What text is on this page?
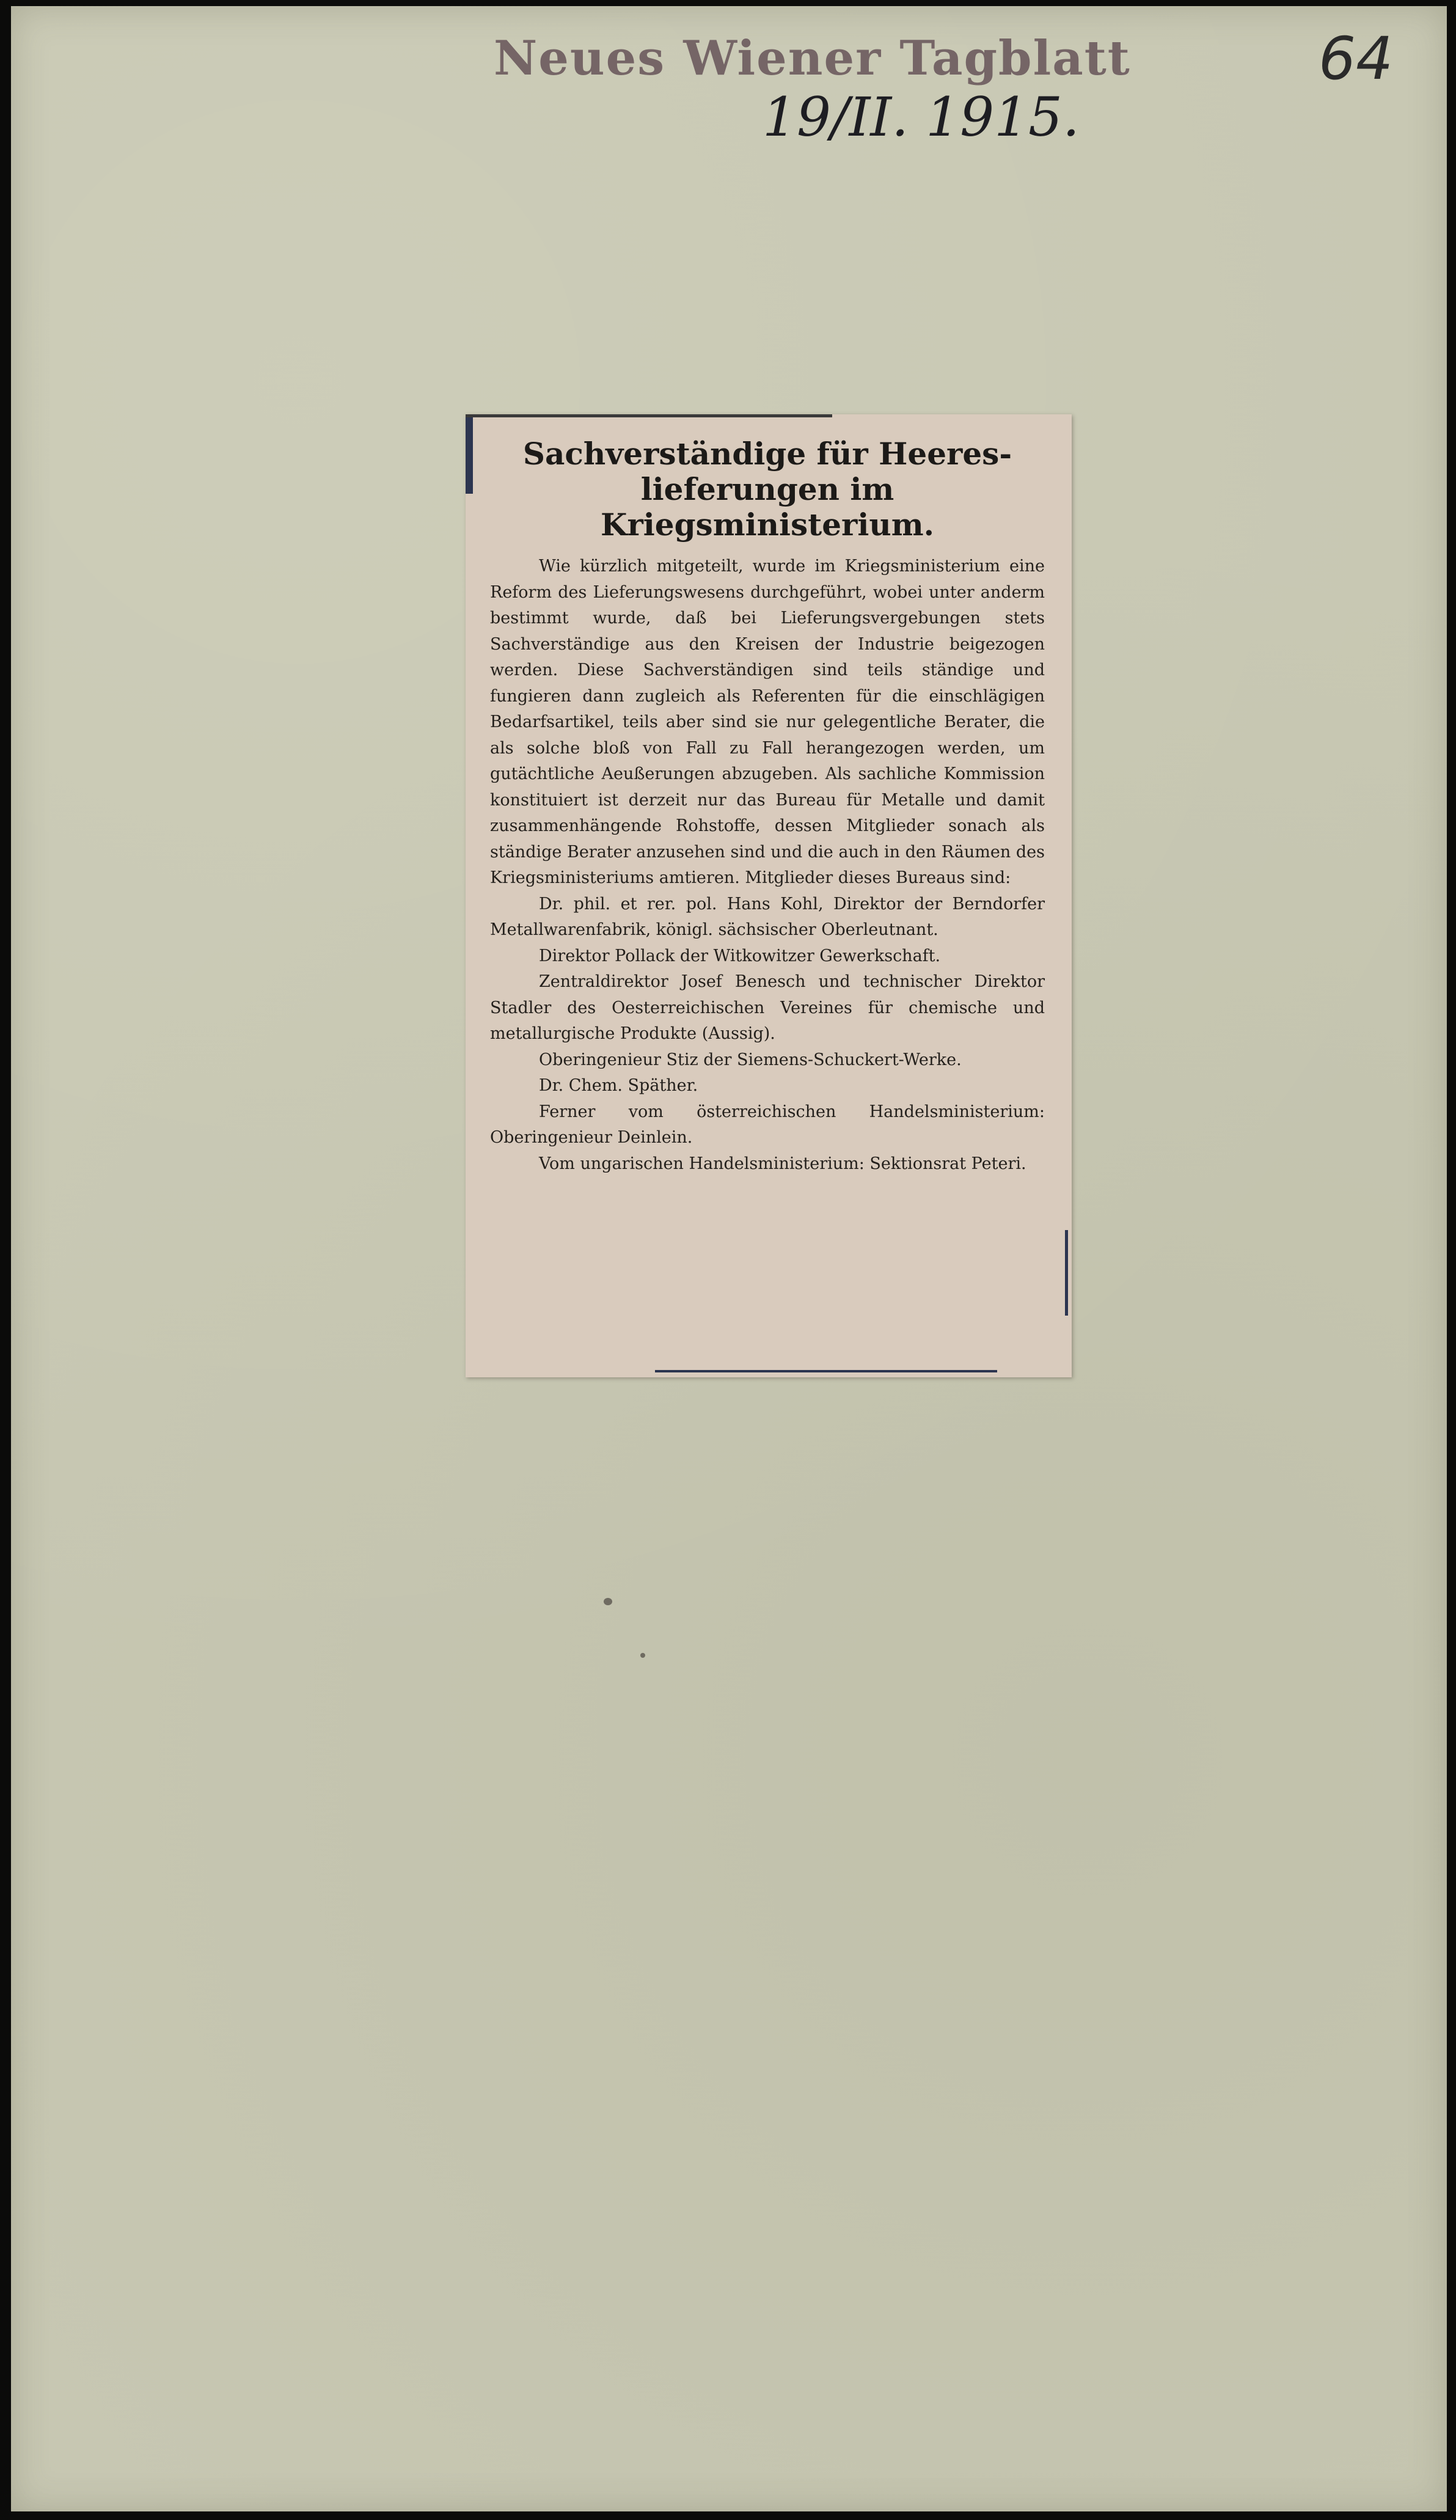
Neues Wiener Tagblatt
19/II. 1915.
64
Sachverständige für Heeres-
lieferungen im Kriegsministerium.

Wie kürzlich mitgeteilt, wurde im Kriegsministerium eine Reform des Lieferungswesens durchgeführt, wobei unter anderm bestimmt wurde, daß bei Lieferungsvergebungen stets Sachverständige aus den Kreisen der Industrie beigezogen werden. Diese Sachverständigen sind teils ständige und fungieren dann zugleich als Referenten für die einschlägigen Bedarfsartikel, teils aber sind sie nur gelegentliche Berater, die als solche bloß von Fall zu Fall herangezogen werden, um gutächtliche Aeußerungen abzugeben. Als sachliche Kommission konstituiert ist derzeit nur das Bureau für Metalle und damit zusammenhängende Rohstoffe, dessen Mitglieder sonach als ständige Berater anzusehen sind und die auch in den Räumen des Kriegsministeriums amtieren. Mitglieder dieses Bureaus sind:

Dr. phil. et rer. pol. Hans Kohl, Direktor der Berndorfer Metallwarenfabrik, königl. sächsischer Oberleutnant.

Direktor Pollack der Witkowitzer Gewerkschaft.

Zentraldirektor Josef Benesch und technischer Direktor Stadler des Oesterreichischen Vereines für chemische und metallurgische Produkte (Aussig).

Oberingenieur Stiz der Siemens-Schuckert-Werke.

Dr. Chem. Späther.

Ferner vom österreichischen Handelsministerium: Oberingenieur Deinlein.

Vom ungarischen Handelsministerium: Sektionsrat Peteri.
